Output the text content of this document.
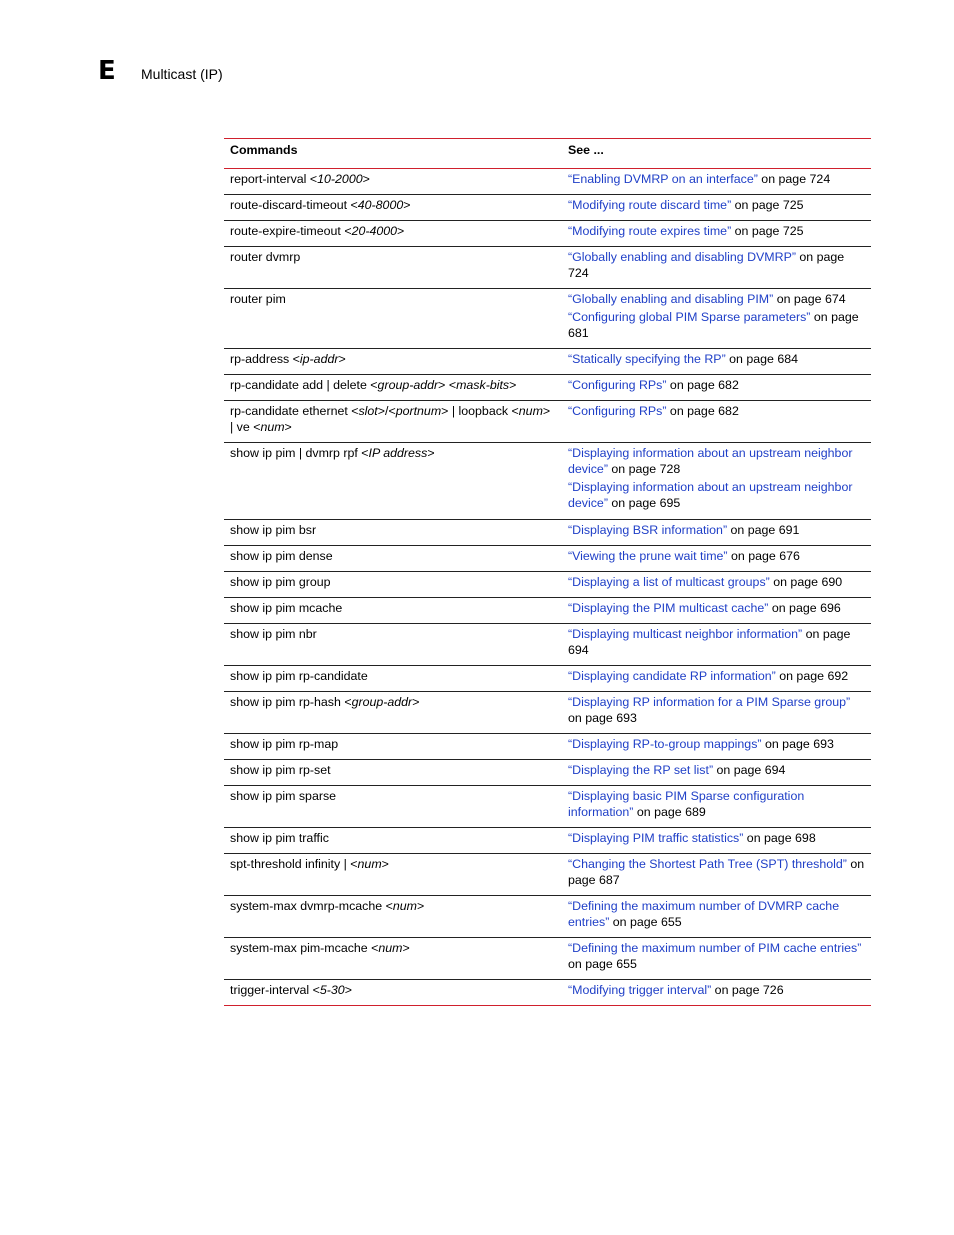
E Multicast (IP)
Commands	See ...
report-interval <10-2000>	“Enabling DVMRP on an interface” on page 724

route-discard-timeout <40-8000>	“Modifying route discard time” on page 725

route-expire-timeout <20-4000>	“Modifying route expires time” on page 725

router dvmrp	“Globally enabling and disabling DVMRP” on page 724

router pim	“Globally enabling and disabling PIM” on page 674
“Configuring global PIM Sparse parameters” on page 681

rp-address <ip-addr>	“Statically specifying the RP” on page 684

rp-candidate add | delete <group-addr> <mask-bits>	“Configuring RPs” on page 682

rp-candidate ethernet <slot>/<portnum> | loopback <num> | ve <num>	“Configuring RPs” on page 682

show ip pim | dvmrp rpf <IP address>	“Displaying information about an upstream neighbor device” on page 728
“Displaying information about an upstream neighbor device” on page 695

show ip pim bsr	“Displaying BSR information” on page 691

show ip pim dense	“Viewing the prune wait time” on page 676

show ip pim group	“Displaying a list of multicast groups” on page 690

show ip pim mcache	“Displaying the PIM multicast cache” on page 696

show ip pim nbr	“Displaying multicast neighbor information” on page 694

show ip pim rp-candidate	“Displaying candidate RP information” on page 692

show ip pim rp-hash <group-addr>	“Displaying RP information for a PIM Sparse group” on page 693

show ip pim rp-map	“Displaying RP-to-group mappings” on page 693

show ip pim rp-set	“Displaying the RP set list” on page 694

show ip pim sparse	“Displaying basic PIM Sparse configuration information” on page 689

show ip pim traffic	“Displaying PIM traffic statistics” on page 698

spt-threshold infinity | <num>	“Changing the Shortest Path Tree (SPT) threshold” on page 687

system-max dvmrp-mcache <num>	“Defining the maximum number of DVMRP cache entries” on page 655

system-max pim-mcache <num>	“Defining the maximum number of PIM cache entries” on page 655

trigger-interval <5-30>	“Modifying trigger interval” on page 726
